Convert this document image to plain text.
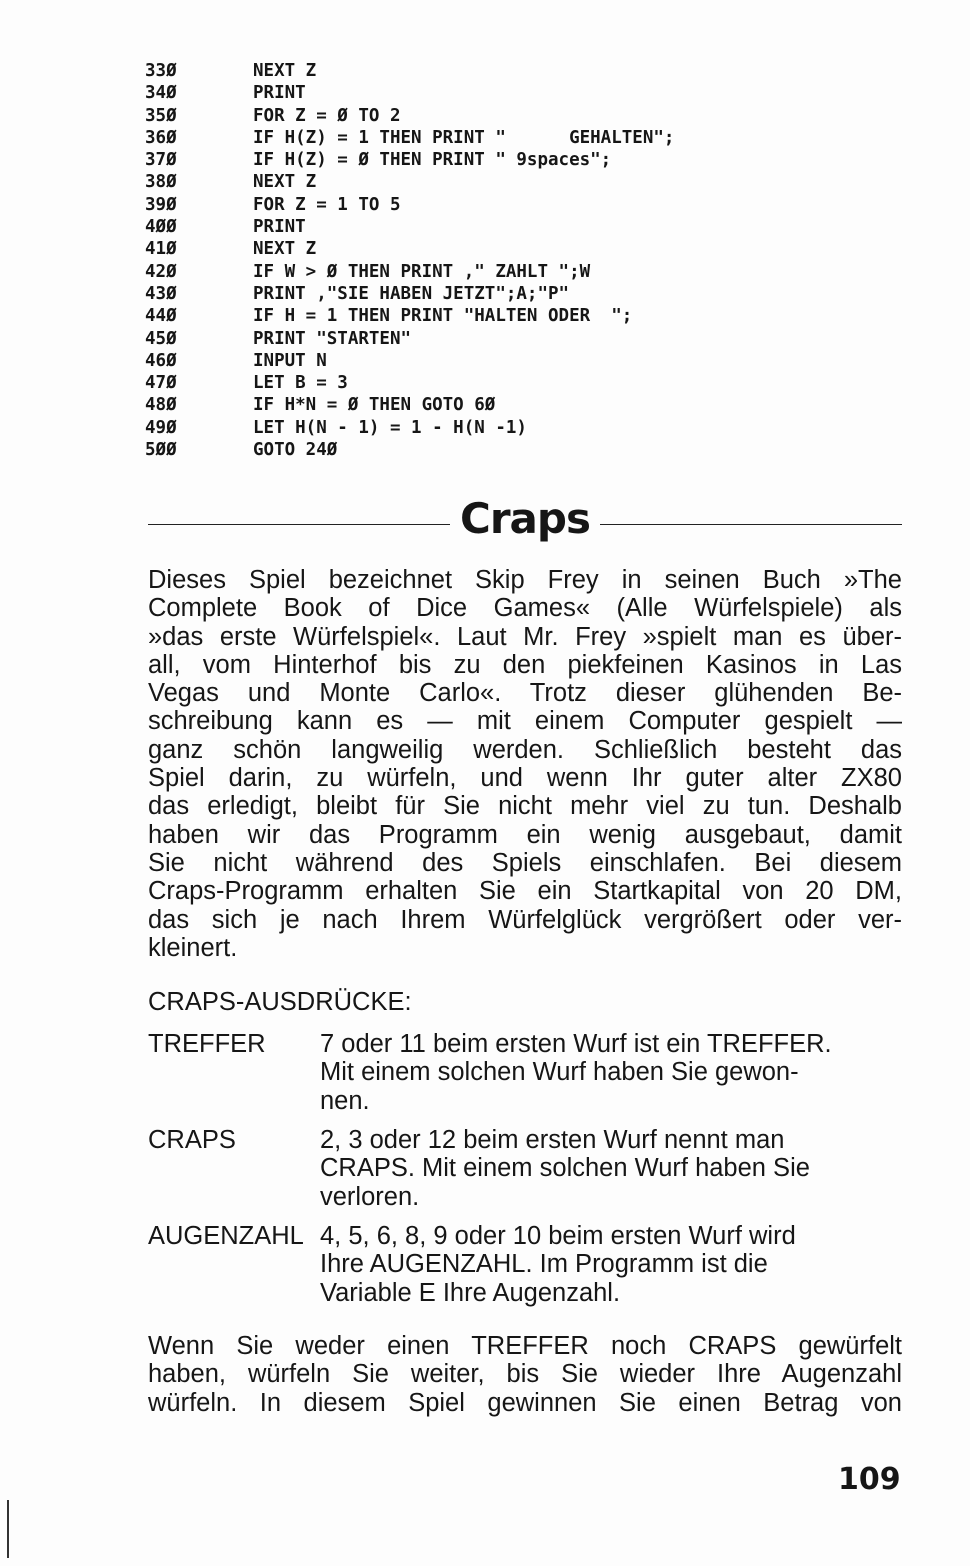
33Ø	NEXT Z
34Ø	PRINT
35Ø	FOR Z = Ø TO 2
36Ø	IF H(Z) = 1 THEN PRINT "      GEHALTEN";
37Ø	IF H(Z) = Ø THEN PRINT " 9spaces";
38Ø	NEXT Z
39Ø	FOR Z = 1 TO 5
4ØØ	PRINT
41Ø	NEXT Z
42Ø	IF W > Ø THEN PRINT ," ZAHLT ";W
43Ø	PRINT ,"SIE HABEN JETZT";A;"P"
44Ø	IF H = 1 THEN PRINT "HALTEN ODER  ";
45Ø	PRINT "STARTEN"
46Ø	INPUT N
47Ø	LET B = 3
48Ø	IF H*N = Ø THEN GOTO 6Ø
49Ø	LET H(N - 1) = 1 - H(N -1)
5ØØ	GOTO 24Ø
Craps
Dieses Spiel bezeichnet Skip Frey in seinen Buch »The
Complete Book of Dice Games« (Alle Würfelspiele) als
»das erste Würfelspiel«. Laut Mr. Frey »spielt man es über-
all, vom Hinterhof bis zu den piekfeinen Kasinos in Las
Vegas und Monte Carlo«. Trotz dieser glühenden Be-
schreibung kann es — mit einem Computer gespielt —
ganz schön langweilig werden. Schließlich besteht das
Spiel darin, zu würfeln, und wenn Ihr guter alter ZX80
das erledigt, bleibt für Sie nicht mehr viel zu tun. Deshalb
haben wir das Programm ein wenig ausgebaut, damit
Sie nicht während des Spiels einschlafen. Bei diesem
Craps-Programm erhalten Sie ein Startkapital von 20 DM,
das sich je nach Ihrem Würfelglück vergrößert oder ver-
kleinert.
CRAPS-AUSDRÜCKE:
TREFFER 7 oder 11 beim ersten Wurf ist ein TREFFER.
Mit einem solchen Wurf haben Sie gewon-
nen.
CRAPS	2, 3 oder 12 beim ersten Wurf nennt man
CRAPS. Mit einem solchen Wurf haben Sie
verloren.
AUGENZAHL 4, 5, 6, 8, 9 oder 10 beim ersten Wurf wird
Ihre AUGENZAHL. Im Programm ist die
Variable E Ihre Augenzahl.
Wenn Sie weder einen TREFFER noch CRAPS gewürfelt
haben, würfeln Sie weiter, bis Sie wieder Ihre Augenzahl
würfeln. In diesem Spiel gewinnen Sie einen Betrag von
109
